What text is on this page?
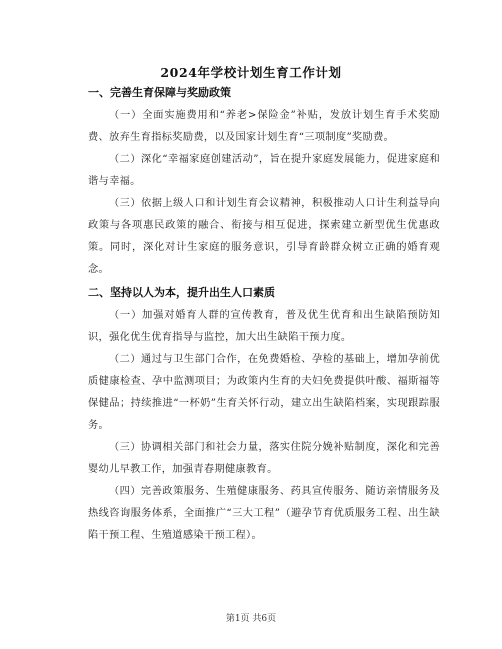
2024年学校计划生育工作计划
一、完善生育保障与奖励政策

（一）全面实施费用和“养老>保险金”补贴，发放计划生育手术奖励费、放弃生育指标奖励费，以及国家计划生育“三项制度”奖励费。

（二）深化“幸福家庭创建活动”，旨在提升家庭发展能力，促进家庭和谐与幸福。

（三）依据上级人口和计划生育会议精神，积极推动人口计生利益导向政策与各项惠民政策的融合、衔接与相互促进，探索建立新型优生优惠政策。同时，深化对计生家庭的服务意识，引导育龄群众树立正确的婚育观念。

二、坚持以人为本，提升出生人口素质

（一）加强对婚育人群的宣传教育，普及优生优育和出生缺陷预防知识，强化优生优育指导与监控，加大出生缺陷干预力度。

（二）通过与卫生部门合作，在免费婚检、孕检的基础上，增加孕前优质健康检查、孕中监测项目；为政策内生育的夫妇免费提供叶酸、福斯福等保健品；持续推进“一杯奶”生育关怀行动，建立出生缺陷档案，实现跟踪服务。

（三）协调相关部门和社会力量，落实住院分娩补贴制度，深化和完善婴幼儿早教工作，加强青春期健康教育。

（四）完善政策服务、生殖健康服务、药具宣传服务、随访亲情服务及热线咨询服务体系，全面推广“三大工程”（避孕节育优质服务工程、出生缺陷干预工程、生殖道感染干预工程）。

第1页 共6页
